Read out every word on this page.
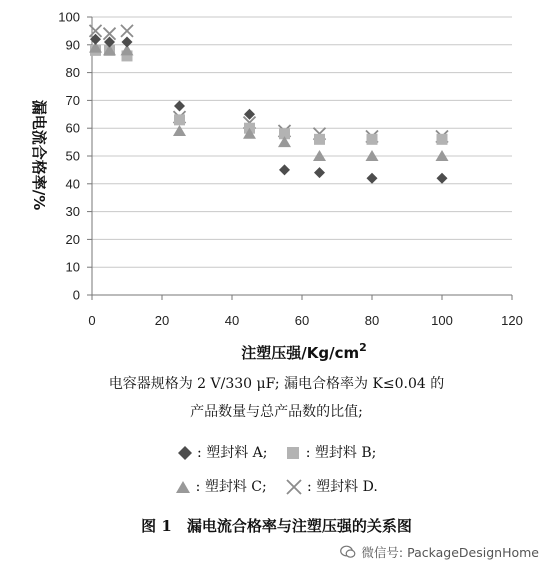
0
10
20
30
40
50
60
70
80
90
100
0	20	40	60	80	100	120
注塑压强$/Kg/cm^2$
漏电流合格率/%
电容器规格为 2 V/330 μF; 漏电合格率为 K≤0.04 的
产品数量与总产品数的比值;
: 塑封料 A;	: 塑封料 B;
: 塑封料 C;	: 塑封料 D.
图 1　漏电流合格率与注塑压强的关系图
微信号: PackageDesignHome
